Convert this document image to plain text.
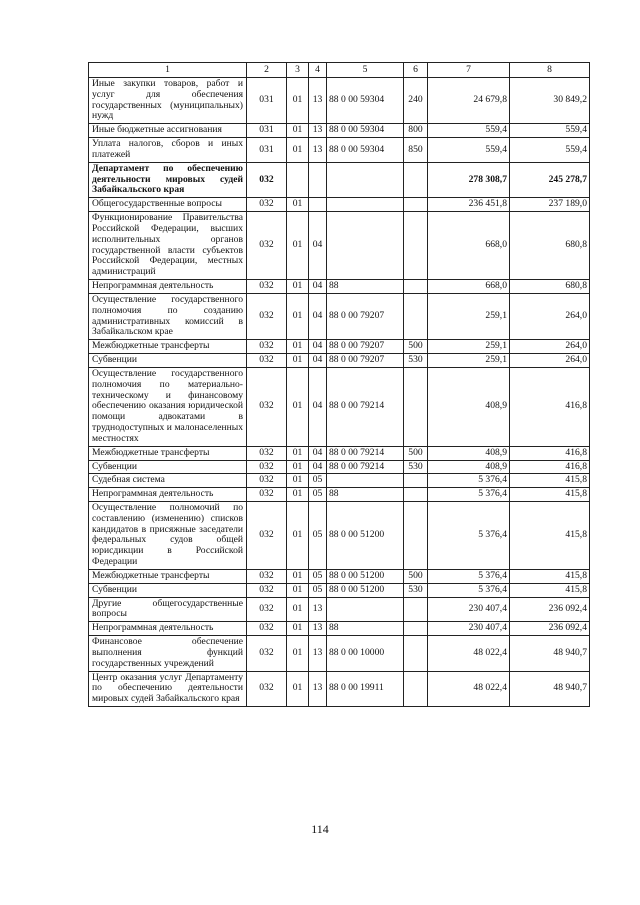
1	2	3	4	5	6	7	8
Иные закупки товаров, работ и услуг для обеспечения государственных (муниципальных) нужд	031	01	13	88 0 00 59304	240	24 679,8	30 849,2
Иные бюджетные ассигнования	031	01	13	88 0 00 59304	800	559,4	559,4
Уплата налогов, сборов и иных платежей	031	01	13	88 0 00 59304	850	559,4	559,4
Департамент по обеспечению деятельности мировых судей Забайкальского края	032					278 308,7	245 278,7
Общегосударственные вопросы	032	01				236 451,8	237 189,0
Функционирование Правительства Российской Федерации, высших исполнительных органов государственной власти субъектов Российской Федерации, местных администраций	032	01	04			668,0	680,8
Непрограммная деятельность	032	01	04	88		668,0	680,8
Осуществление государственного полномочия по созданию административных комиссий в Забайкальском крае	032	01	04	88 0 00 79207		259,1	264,0
Межбюджетные трансферты	032	01	04	88 0 00 79207	500	259,1	264,0
Субвенции	032	01	04	88 0 00 79207	530	259,1	264,0
Осуществление государственного полномочия по материально-техническому и финансовому обеспечению оказания юридической помощи адвокатами в труднодоступных и малонаселенных местностях	032	01	04	88 0 00 79214		408,9	416,8
Межбюджетные трансферты	032	01	04	88 0 00 79214	500	408,9	416,8
Субвенции	032	01	04	88 0 00 79214	530	408,9	416,8
Судебная система	032	01	05			5 376,4	415,8
Непрограммная деятельность	032	01	05	88		5 376,4	415,8
Осуществление полномочий по составлению (изменению) списков кандидатов в присяжные заседатели федеральных судов общей юрисдикции в Российской Федерации	032	01	05	88 0 00 51200		5 376,4	415,8
Межбюджетные трансферты	032	01	05	88 0 00 51200	500	5 376,4	415,8
Субвенции	032	01	05	88 0 00 51200	530	5 376,4	415,8
Другие общегосударственные вопросы	032	01	13			230 407,4	236 092,4
Непрограммная деятельность	032	01	13	88		230 407,4	236 092,4
Финансовое обеспечение выполнения функций государственных учреждений	032	01	13	88 0 00 10000		48 022,4	48 940,7
Центр оказания услуг Департаменту по обеспечению деятельности мировых судей Забайкальского края	032	01	13	88 0 00 19911		48 022,4	48 940,7
114
